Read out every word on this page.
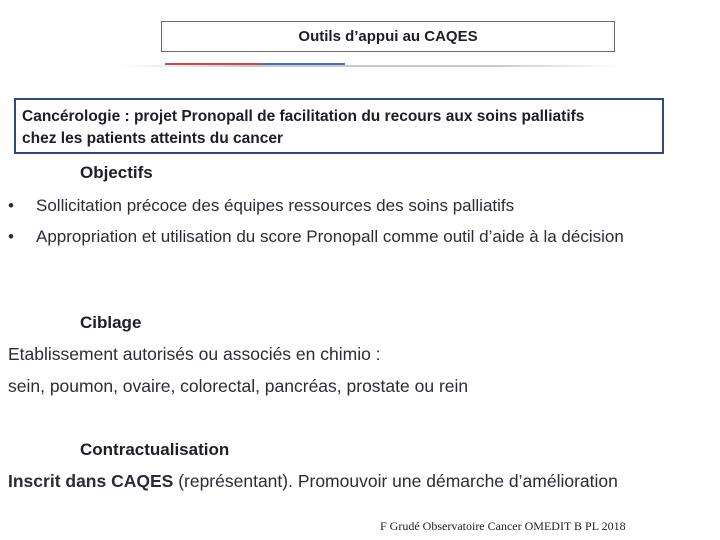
Outils d’appui au CAQES
Cancérologie : projet Pronopall de facilitation du recours aux soins palliatifs
chez les patients atteints du cancer
Objectifs
•	Sollicitation précoce des équipes ressources des soins palliatifs
•	Appropriation et utilisation du score Pronopall comme outil d’aide à la décision
Ciblage
Etablissement autorisés ou associés en chimio :
sein, poumon, ovaire, colorectal, pancréas, prostate ou rein
Contractualisation
Inscrit dans CAQES (représentant). Promouvoir une démarche d’amélioration
F Grudé Observatoire Cancer OMEDIT B PL 2018
